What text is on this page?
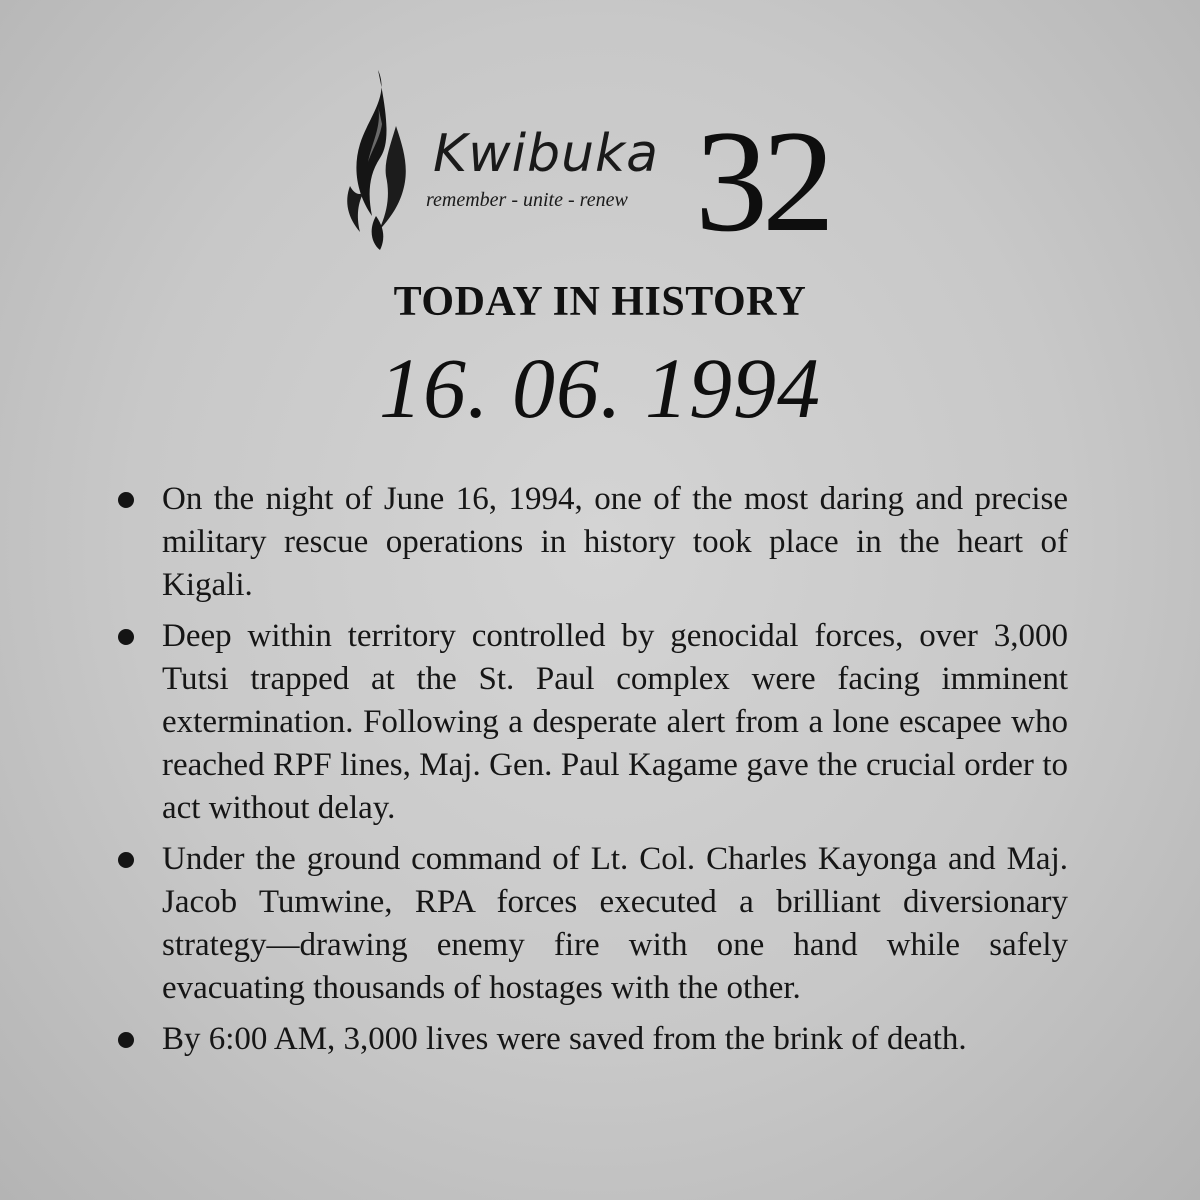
Kwibuka
remember - unite - renew 32
TODAY IN HISTORY
16. 06. 1994
On the night of June 16, 1994, one of the most daring and precise military rescue operations in history took place in the heart of Kigali.
Deep within territory controlled by genocidal forces, over 3,000 Tutsi trapped at the St. Paul complex were facing imminent extermination. Following a desperate alert from a lone escapee who reached RPF lines, Maj. Gen. Paul Kagame gave the crucial order to act without delay.
Under the ground command of Lt. Col. Charles Kayonga and Maj. Jacob Tumwine, RPA forces executed a brilliant diversionary strategy—drawing enemy fire with one hand while safely evacuating thousands of hostages with the other.
By 6:00 AM, 3,000 lives were saved from the brink of death.
